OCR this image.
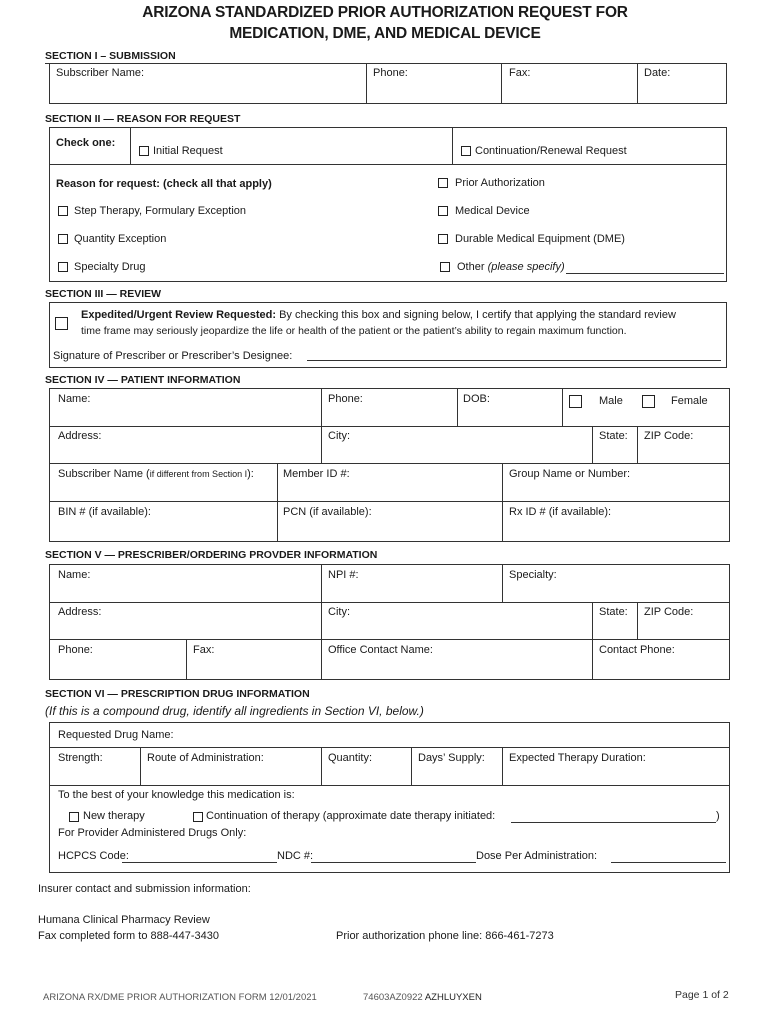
ARIZONA STANDARDIZED PRIOR AUTHORIZATION REQUEST FOR
MEDICATION, DME, AND MEDICAL DEVICE
SECTION I – SUBMISSION
Subscriber Name:	Phone:	Fax:	Date:
SECTION II — REASON FOR REQUEST
Check one:
Initial Request	Continuation/Renewal Request
Reason for request: (check all that apply)	Prior Authorization
Step Therapy, Formulary Exception	Medical Device
Quantity Exception	Durable Medical Equipment (DME)
Specialty Drug	Other (please specify)
SECTION III — REVIEW
Expedited/Urgent Review Requested: By checking this box and signing below, I certify that applying the standard review
time frame may seriously jeopardize the life or health of the patient or the patient’s ability to regain maximum function.
Signature of Prescriber or Prescriber’s Designee:
SECTION IV — PATIENT INFORMATION
Name:	Phone:	DOB:	Male	Female
Address:	City:	State: ZIP Code:
Subscriber Name (if different from Section I):	Member ID #:	Group Name or Number:
BIN # (if available):	PCN (if available):	Rx ID # (if available):
SECTION V — PRESCRIBER/ORDERING PROVDER INFORMATION
Name:	NPI #:	Specialty:
Address:	City:	State: ZIP Code:
Phone:	Fax:	Office Contact Name:	Contact Phone:
SECTION VI — PRESCRIPTION DRUG INFORMATION
(If this is a compound drug, identify all ingredients in Section VI, below.)
Requested Drug Name:
Strength:	Route of Administration:	Quantity:	Days’ Supply: Expected Therapy Duration:
To the best of your knowledge this medication is:
New therapy	Continuation of therapy (approximate date therapy initiated:	)
For Provider Administered Drugs Only:
HCPCS Code:	NDC #:	Dose Per Administration:
Insurer contact and submission information:
Humana Clinical Pharmacy Review
Fax completed form to 888-447-3430	Prior authorization phone line: 866-461-7273
ARIZONA RX/DME PRIOR AUTHORIZATION FORM 12/01/2021	74603AZ0922 AZHLUYXEN	Page 1 of 2
